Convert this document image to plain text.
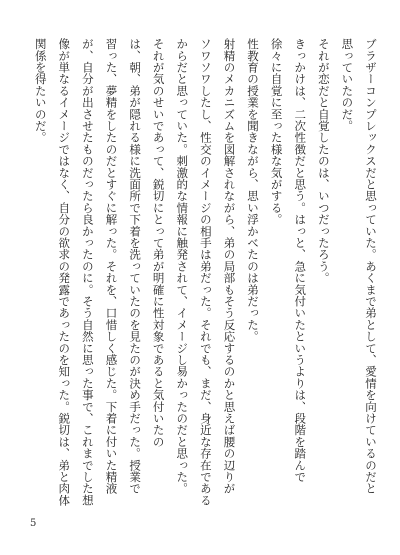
ブラザーコンプレックスだと思っていた。あくまで弟として、愛情を向けているのだと
思っていたのだ。
それが恋だと自覚したのは、いつだったろう。
きっかけは、二次性徴だと思う。はっと、急に気付いたというよりは、段階を踏んで
徐々に自覚に至った様な気がする。
性教育の授業を聞きながら、思い浮かべたのは弟だった。
射精のメカニズムを図解されながら、弟の局部もそう反応するのかと思えば腰の辺りが
ソワソワしたし、性交のイメージの相手は弟だった。それでも、まだ、身近な存在である
からだと思っていた。刺激的な情報に触発されて、イメージし易かったのだと思った。
それが気のせいであって、鋭切にとって弟が明確に性対象であると気付いたの
は、朝、弟が隠れる様に洗面所で下着を洗っていたのを見たのが決め手だった。授業で
習った、夢精をしたのだとすぐに解った。それを、口惜しく感じた。下着に付いた精液
が、自分が出させたものだったら良かったのに。そう自然に思った事で、これまでした想
像が単なるイメージではなく、自分の欲求の発露であったのを知った。鋭切は、弟と肉体
関係を得たいのだ。
5
